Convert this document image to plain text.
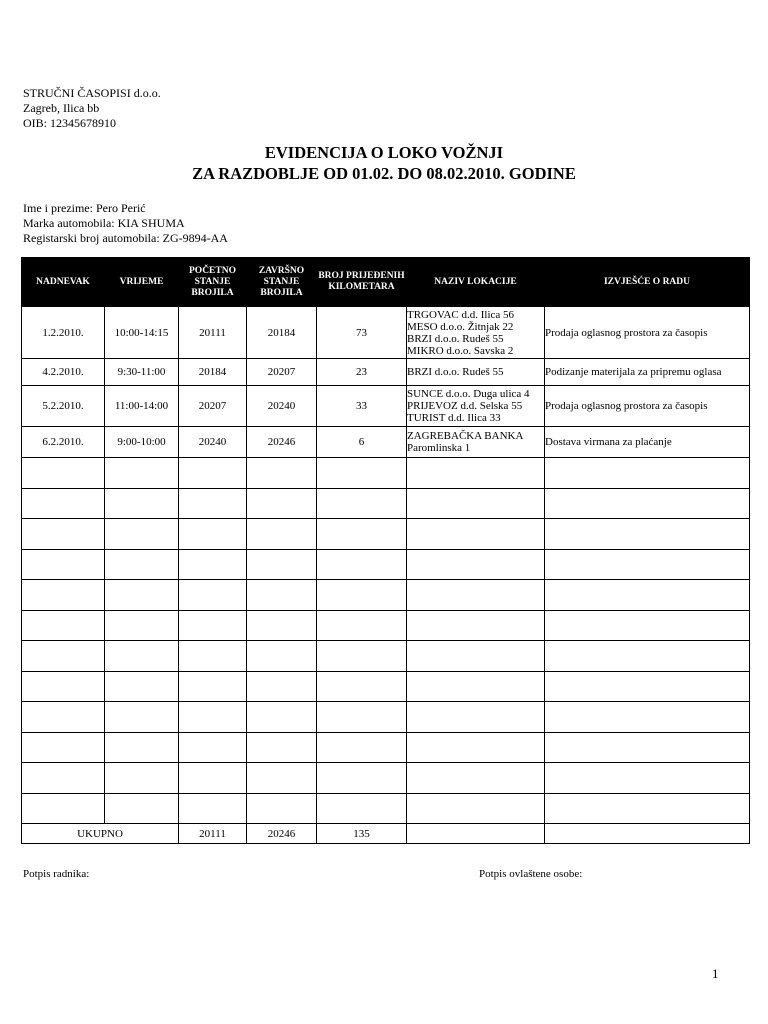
STRUČNI ČASOPISI d.o.o.
Zagreb, Ilica bb
OIB: 12345678910
EVIDENCIJA O LOKO VOŽNJI
ZA RAZDOBLJE OD 01.02. DO 08.02.2010. GODINE
Ime i prezime: Pero Perić
Marka automobila: KIA SHUMA
Registarski broj automobila: ZG-9894-AA
NADNEVAK	VRIJEME	POČETNO STANJE BROJILA	ZAVRŠNO STANJE BROJILA	BROJ PRIJEĐENIH KILOMETARA	NAZIV LOKACIJE	IZVJEŠĆE O RADU
1.2.2010.	10:00-14:15	20111	20184	73	TRGOVAC d.d. Ilica 56
MESO d.o.o. Žitnjak 22
BRZI d.o.o. Rudeš 55
MIKRO d.o.o. Savska 2	Prodaja oglasnog prostora za časopis
4.2.2010.	9:30-11:00	20184	20207	23	BRZI d.o.o. Rudeš 55	Podizanje materijala za pripremu oglasa
5.2.2010.	11:00-14:00	20207	20240	33	SUNCE d.o.o. Duga ulica 4
PRIJEVOZ d.d. Selska 55
TURIST d.d. Ilica 33	Prodaja oglasnog prostora za časopis
6.2.2010.	9:00-10:00	20240	20246	6	ZAGREBAČKA BANKA
Paromlinska 1	Dostava virmana za plaćanje

UKUPNO		20111	20246	135		
Potpis radnika:	Potpis ovlaštene osobe:
1
